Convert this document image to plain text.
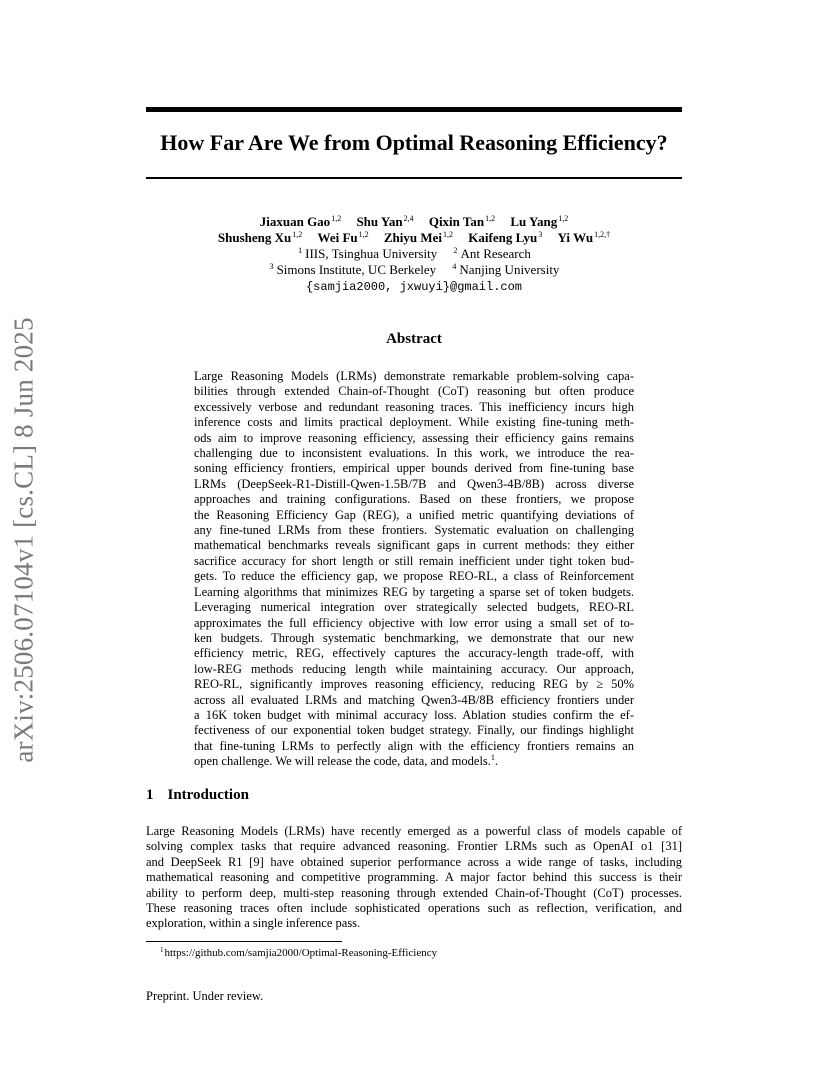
arXiv:2506.07104v1 [cs.CL] 8 Jun 2025
How Far Are We from Optimal Reasoning Efficiency?
Jiaxuan Gao$^{1,2}$ Shu Yan$^{2,4}$ Qixin Tan$^{1,2}$ Lu Yang$^{1,2}$
Shusheng Xu$^{1,2}$ Wei Fu$^{1,2}$ Zhiyu Mei$^{1,2}$ Kaifeng Lyu$^3$ Yi $Wu^{1,2,\dagger}$
$^1$ IIIS, Tsinghua University $^2$ Ant Research
$^3$ Simons Institute, UC Berkeley $^4$ Nanjing University
{samjia2000, jxwuyi}@gmail.com
Abstract
Large Reasoning Models (LRMs) demonstrate remarkable problem-solving capa-
bilities through extended Chain-of-Thought (CoT) reasoning but often produce
excessively verbose and redundant reasoning traces. This inefficiency incurs high
inference costs and limits practical deployment. While existing fine-tuning meth-
ods aim to improve reasoning efficiency, assessing their efficiency gains remains
challenging due to inconsistent evaluations. In this work, we introduce the rea-
soning efficiency frontiers, empirical upper bounds derived from fine-tuning base
LRMs (DeepSeek-R1-Distill-Qwen-1.5B/7B and Qwen3-4B/8B) across diverse
approaches and training configurations. Based on these frontiers, we propose
the Reasoning Efficiency Gap (REG), a unified metric quantifying deviations of
any fine-tuned LRMs from these frontiers. Systematic evaluation on challenging
mathematical benchmarks reveals significant gaps in current methods: they either
sacrifice accuracy for short length or still remain inefficient under tight token bud-
gets. To reduce the efficiency gap, we propose REO-RL, a class of Reinforcement
Learning algorithms that minimizes REG by targeting a sparse set of token budgets.
Leveraging numerical integration over strategically selected budgets, REO-RL
approximates the full efficiency objective with low error using a small set of to-
ken budgets. Through systematic benchmarking, we demonstrate that our new
efficiency metric, REG, effectively captures the accuracy-length trade-off, with
low-REG methods reducing length while maintaining accuracy. Our approach,
REO-RL, significantly improves reasoning efficiency, reducing REG by ≥ 50%
across all evaluated LRMs and matching Qwen3-4B/8B efficiency frontiers under
a 16K token budget with minimal accuracy loss. Ablation studies confirm the ef-
fectiveness of our exponential token budget strategy. Finally, our findings highlight
that fine-tuning LRMs to perfectly align with the efficiency frontiers remains an
open challenge. We will release the code, data, and models.$^1$.
1 Introduction
Large Reasoning Models (LRMs) have recently emerged as a powerful class of models capable of
solving complex tasks that require advanced reasoning. Frontier LRMs such as OpenAI o1 [31]
and DeepSeek R1 [9] have obtained superior performance across a wide range of tasks, including
mathematical reasoning and competitive programming. A major factor behind this success is their
ability to perform deep, multi-step reasoning through extended Chain-of-Thought (CoT) processes.
These reasoning traces often include sophisticated operations such as reflection, verification, and
exploration, within a single inference pass.
$^1$https://github.com/samjia2000/Optimal-Reasoning-Efficiency
Preprint. Under review.
